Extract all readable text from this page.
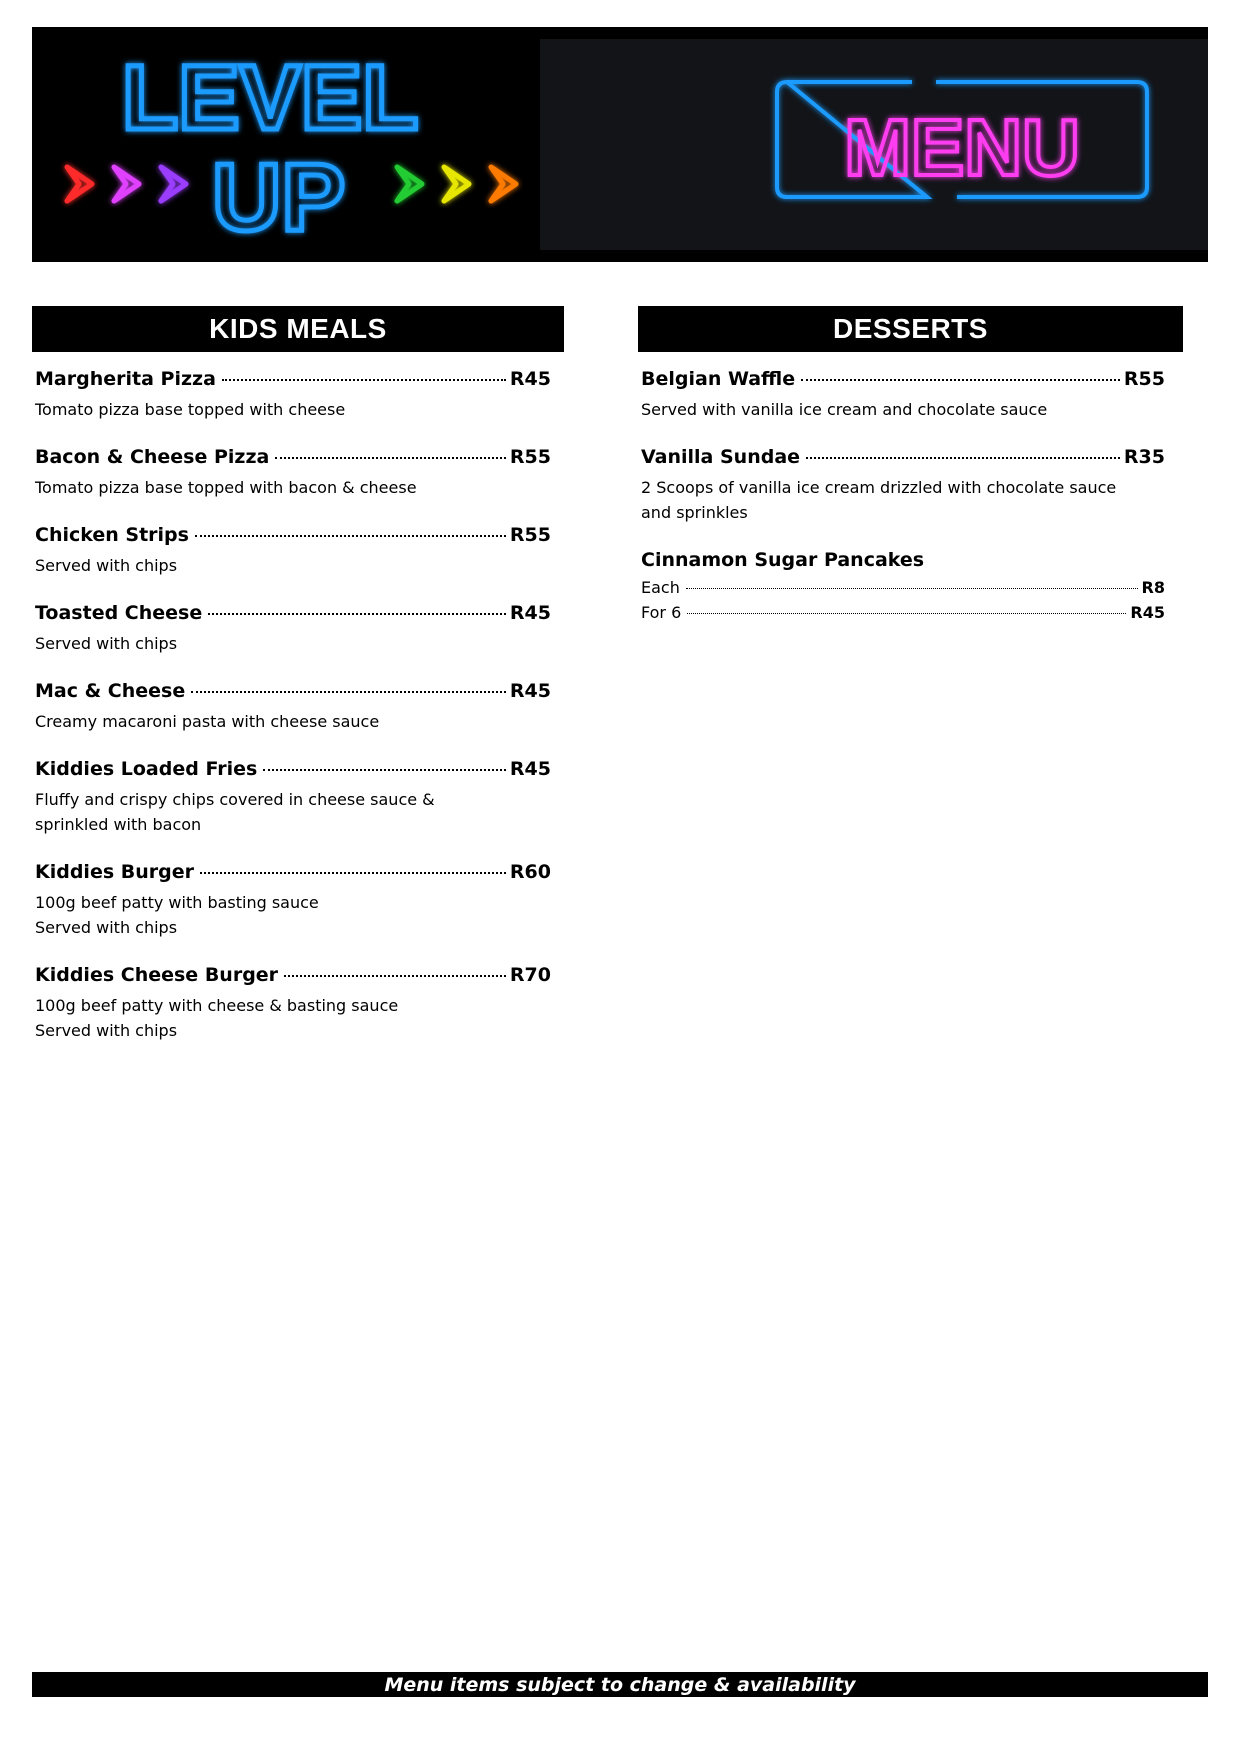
LEVEL
UP	MENU
KIDS MEALS	DESSERTS
Margherita Pizza	R45
Tomato pizza base topped with cheese
Bacon & Cheese Pizza	R55
Tomato pizza base topped with bacon & cheese
Chicken Strips	R55
Served with chips
Toasted Cheese	R45
Served with chips
Mac & Cheese	R45
Creamy macaroni pasta with cheese sauce
Kiddies Loaded Fries	R45
Fluffy and crispy chips covered in cheese sauce &
sprinkled with bacon
Kiddies Burger	R60
100g beef patty with basting sauce
Served with chips
Kiddies Cheese Burger	R70
100g beef patty with cheese & basting sauce
Served with chips
Belgian Waffle	R55
Served with vanilla ice cream and chocolate sauce
Vanilla Sundae	R35
2 Scoops of vanilla ice cream drizzled with chocolate sauce
and sprinkles
Cinnamon Sugar Pancakes
Each	R8
For 6	R45
Menu items subject to change & availability
